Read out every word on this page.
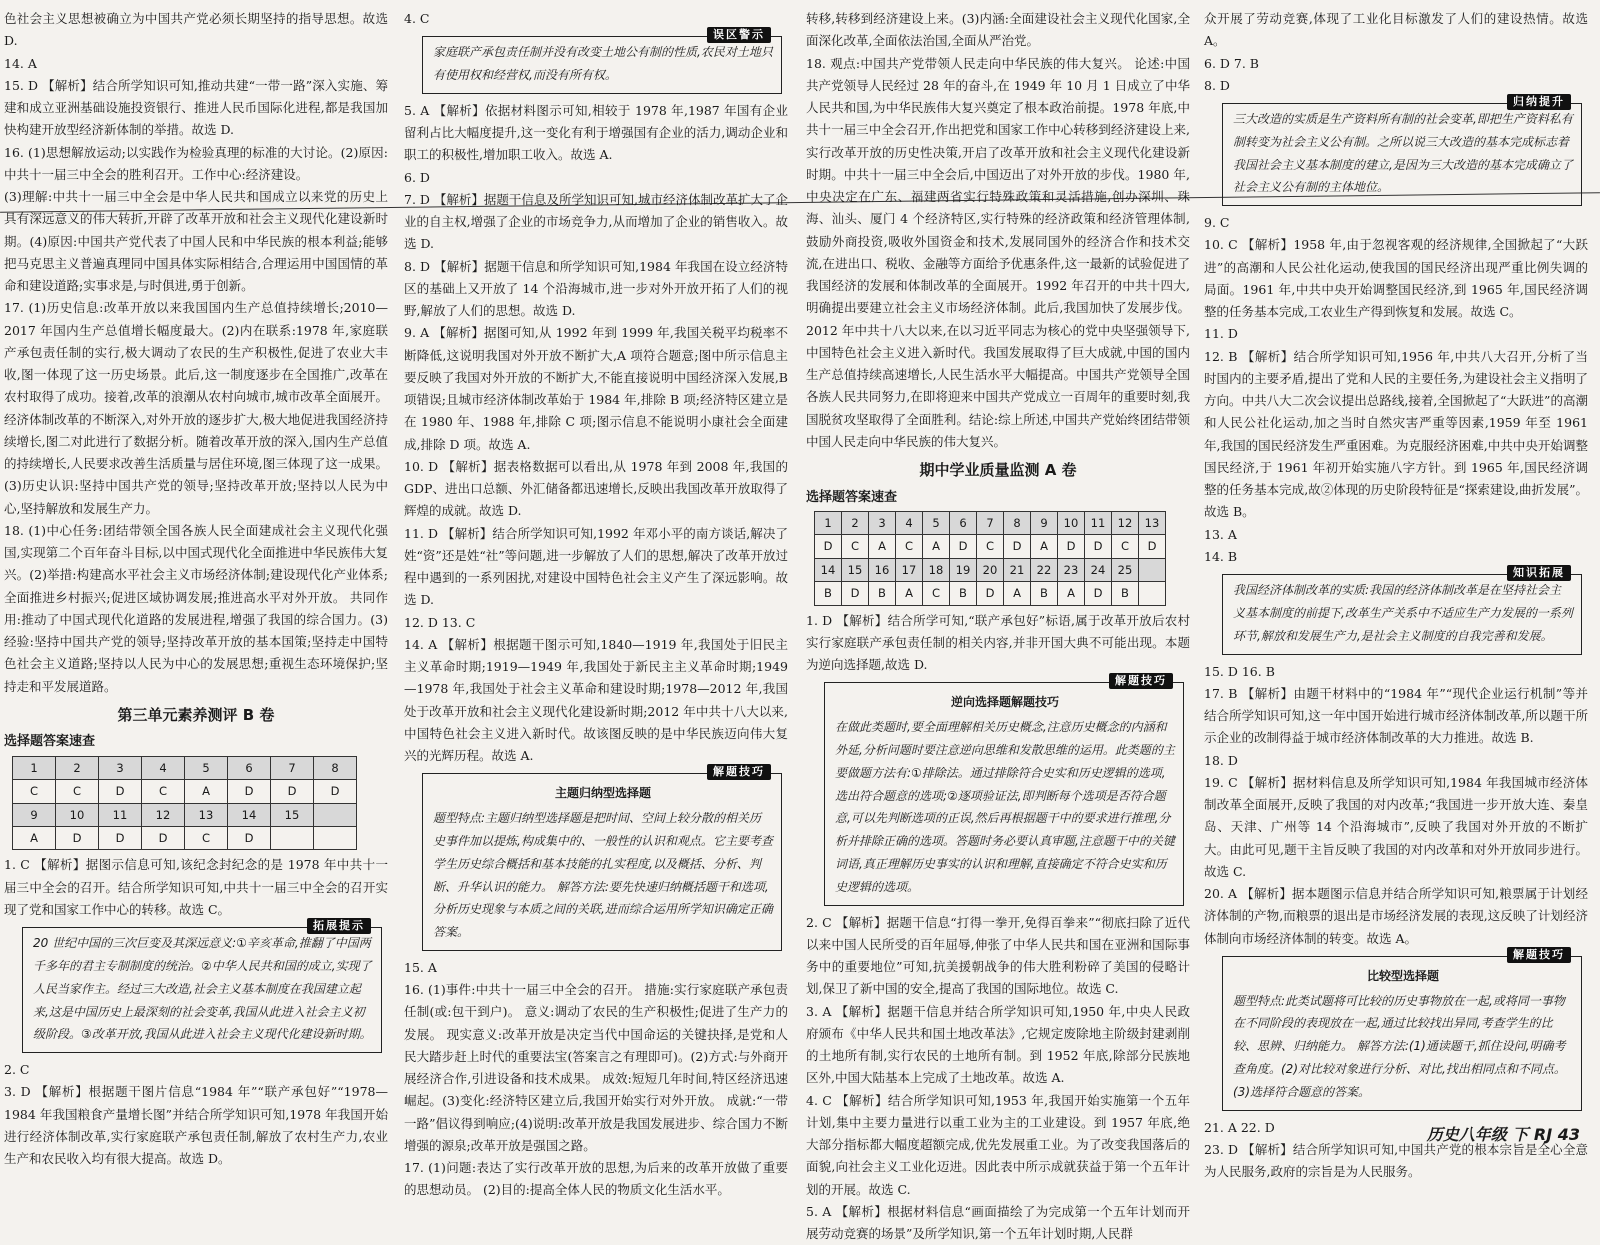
色社会主义思想被确立为中国共产党必须长期坚持的指导思想。故选 D.

14. A

15. D 【解析】结合所学知识可知,推动共建“一带一路”深入实施、筹建和成立亚洲基础设施投资银行、推进人民币国际化进程,都是我国加快构建开放型经济新体制的举措。故选 D.

16. (1)思想解放运动;以实践作为检验真理的标准的大讨论。(2)原因:中共十一届三中全会的胜利召开。工作中心:经济建设。

(3)理解:中共十一届三中全会是中华人民共和国成立以来党的历史上具有深远意义的伟大转折,开辟了改革开放和社会主义现代化建设新时期。(4)原因:中国共产党代表了中国人民和中华民族的根本利益;能够把马克思主义普遍真理同中国具体实际相结合,合理运用中国国情的革命和建设道路;实事求是,与时俱进,勇于创新。

17. (1)历史信息:改革开放以来我国国内生产总值持续增长;2010—2017 年国内生产总值增长幅度最大。(2)内在联系:1978 年,家庭联产承包责任制的实行,极大调动了农民的生产积极性,促进了农业大丰收,图一体现了这一历史场景。此后,这一制度逐步在全国推广,改革在农村取得了成功。接着,改革的浪潮从农村向城市,城市改革全面展开。经济体制改革的不断深入,对外开放的逐步扩大,极大地促进我国经济持续增长,图二对此进行了数据分析。随着改革开放的深入,国内生产总值的持续增长,人民要求改善生活质量与居住环境,图三体现了这一成果。(3)历史认识:坚持中国共产党的领导;坚持改革开放;坚持以人民为中心,坚持解放和发展生产力。

18. (1)中心任务:团结带领全国各族人民全面建成社会主义现代化强国,实现第二个百年奋斗目标,以中国式现代化全面推进中华民族伟大复兴。(2)举措:构建高水平社会主义市场经济体制;建设现代化产业体系;全面推进乡村振兴;促进区域协调发展;推进高水平对外开放。 共同作用:推动了中国式现代化道路的发展进程,增强了我国的综合国力。(3)经验:坚持中国共产党的领导;坚持改革开放的基本国策;坚持走中国特色社会主义道路;坚持以人民为中心的发展思想;重视生态环境保护;坚持走和平发展道路。

第三单元素养测评 B 卷
选择题答案速查
1	2	3	4	5	6	7	8
C	C	D	C	A	D	D	D
9	10	11	12	13	14	15	
A	D	D	D	C	D		

1. C 【解析】据图示信息可知,该纪念封纪念的是 1978 年中共十一届三中全会的召开。结合所学知识可知,中共十一届三中全会的召开实现了党和国家工作中心的转移。故选 C。

拓展提示
20 世纪中国的三次巨变及其深远意义:①辛亥革命,推翻了中国两千多年的君主专制制度的统治。②中华人民共和国的成立,实现了人民当家作主。经过三大改造,社会主义基本制度在我国建立起来,这是中国历史上最深刻的社会变革,我国从此进入社会主义初级阶段。③改革开放,我国从此进入社会主义现代化建设新时期。

2. C

3. D 【解析】根据题干图片信息“1984 年”“联产承包好”“1978—1984 年我国粮食产量增长图”并结合所学知识可知,1978 年我国开始进行经济体制改革,实行家庭联产承包责任制,解放了农村生产力,农业生产和农民收入均有很大提高。故选 D。

4. C

误区警示
家庭联产承包责任制并没有改变土地公有制的性质,农民对土地只有使用权和经营权,而没有所有权。

5. A 【解析】依据材料图示可知,相较于 1978 年,1987 年国有企业留利占比大幅度提升,这一变化有利于增强国有企业的活力,调动企业和职工的积极性,增加职工收入。故选 A.

6. D

7. D 【解析】据题干信息及所学知识可知,城市经济体制改革扩大了企业的自主权,增强了企业的市场竞争力,从而增加了企业的销售收入。故选 D.

8. D 【解析】据题干信息和所学知识可知,1984 年我国在设立经济特区的基础上又开放了 14 个沿海城市,进一步对外开放开拓了人们的视野,解放了人们的思想。故选 D.

9. A 【解析】据图可知,从 1992 年到 1999 年,我国关税平均税率不断降低,这说明我国对外开放不断扩大,A 项符合题意;图中所示信息主要反映了我国对外开放的不断扩大,不能直接说明中国经济深入发展,B 项错误;且城市经济体制改革始于 1984 年,排除 B 项;经济特区建立是在 1980 年、1988 年,排除 C 项;图示信息不能说明小康社会全面建成,排除 D 项。故选 A.

10. D 【解析】据表格数据可以看出,从 1978 年到 2008 年,我国的 GDP、进出口总额、外汇储备都迅速增长,反映出我国改革开放取得了辉煌的成就。故选 D.

11. D 【解析】结合所学知识可知,1992 年邓小平的南方谈话,解决了姓“资”还是姓“社”等问题,进一步解放了人们的思想,解决了改革开放过程中遇到的一系列困扰,对建设中国特色社会主义产生了深远影响。故选 D.

12. D 13. C

14. A 【解析】根据题干图示可知,1840—1919 年,我国处于旧民主主义革命时期;1919—1949 年,我国处于新民主主义革命时期;1949—1978 年,我国处于社会主义革命和建设时期;1978—2012 年,我国处于改革开放和社会主义现代化建设新时期;2012 年中共十八大以来,中国特色社会主义进入新时代。故该图反映的是中华民族迈向伟大复兴的光辉历程。故选 A.

解题技巧
主题归纳型选择题
题型特点:主题归纳型选择题是把时间、空间上较分散的相关历史事件加以提炼,构成集中的、一般性的认识和观点。它主要考查学生历史综合概括和基本技能的扎实程度,以及概括、分析、判断、升华认识的能力。 解答方法:要先快速归纳概括题干和选项,分析历史现象与本质之间的关联,进而综合运用所学知识确定正确答案。

15. A

16. (1)事件:中共十一届三中全会的召开。 措施:实行家庭联产承包责任制(或:包干到户)。 意义:调动了农民的生产积极性;促进了生产力的发展。 现实意义:改革开放是决定当代中国命运的关键抉择,是党和人民大踏步赶上时代的重要法宝(答案言之有理即可)。(2)方式:与外商开展经济合作,引进设备和技术成果。 成效:短短几年时间,特区经济迅速崛起。(3)变化:经济特区建立后,我国开始实行对外开放。 成就:“一带一路”倡议得到响应;(4)说明:改革开放是我国发展进步、综合国力不断增强的源泉;改革开放是强国之路。

17. (1)问题:表达了实行改革开放的思想,为后来的改革开放做了重要的思想动员。 (2)目的:提高全体人民的物质文化生活水平。

转移,转移到经济建设上来。(3)内涵:全面建设社会主义现代化国家,全面深化改革,全面依法治国,全面从严治党。

18. 观点:中国共产党带领人民走向中华民族的伟大复兴。 论述:中国共产党领导人民经过 28 年的奋斗,在 1949 年 10 月 1 日成立了中华人民共和国,为中华民族伟大复兴奠定了根本政治前提。1978 年底,中共十一届三中全会召开,作出把党和国家工作中心转移到经济建设上来,实行改革开放的历史性决策,开启了改革开放和社会主义现代化建设新时期。中共十一届三中全会后,中国迈出了对外开放的步伐。1980 年,中央决定在广东、福建两省实行特殊政策和灵活措施,创办深圳、珠海、汕头、厦门 4 个经济特区,实行特殊的经济政策和经济管理体制,鼓励外商投资,吸收外国资金和技术,发展同国外的经济合作和技术交流,在进出口、税收、金融等方面给予优惠条件,这一最新的试验促进了我国经济的发展和体制改革的全面展开。1992 年召开的中共十四大,明确提出要建立社会主义市场经济体制。此后,我国加快了发展步伐。2012 年中共十八大以来,在以习近平同志为核心的党中央坚强领导下,中国特色社会主义进入新时代。我国发展取得了巨大成就,中国的国内生产总值持续高速增长,人民生活水平大幅提高。中国共产党领导全国各族人民共同努力,在即将迎来中国共产党成立一百周年的重要时刻,我国脱贫攻坚取得了全面胜利。结论:综上所述,中国共产党始终团结带领中国人民走向中华民族的伟大复兴。

期中学业质量监测 A 卷
选择题答案速查
1	2	3	4	5	6	7	8	9	10	11	12	13
D	C	A	C	A	D	C	D	A	D	D	C	D
14	15	16	17	18	19	20	21	22	23	24	25	
B	D	B	A	C	B	D	A	B	A	D	B	

1. D 【解析】结合所学可知,“联产承包好”标语,属于改革开放后农村实行家庭联产承包责任制的相关内容,并非开国大典不可能出现。本题为逆向选择题,故选 D.

解题技巧
逆向选择题解题技巧
在做此类题时,要全面理解相关历史概念,注意历史概念的内涵和外延,分析问题时要注意逆向思维和发散思维的运用。此类题的主要做题方法有:①排除法。通过排除符合史实和历史逻辑的选项,选出符合题意的选项;②逐项验证法,即判断每个选项是否符合题意,可以先判断选项的正误,然后再根据题干中的要求进行推理,分析并排除正确的选项。答题时务必要认真审题,注意题干中的关键词语,真正理解历史事实的认识和理解,直接确定不符合史实和历史逻辑的选项。

2. C 【解析】据题干信息“打得一拳开,免得百拳来”“彻底扫除了近代以来中国人民所受的百年屈辱,伸张了中华人民共和国在亚洲和国际事务中的重要地位”可知,抗美援朝战争的伟大胜利粉碎了美国的侵略计划,保卫了新中国的安全,提高了我国的国际地位。故选 C.

3. A 【解析】据题干信息并结合所学知识可知,1950 年,中央人民政府颁布《中华人民共和国土地改革法》,它规定废除地主阶级封建剥削的土地所有制,实行农民的土地所有制。到 1952 年底,除部分民族地区外,中国大陆基本上完成了土地改革。故选 A.

4. C 【解析】结合所学知识可知,1953 年,我国开始实施第一个五年计划,集中主要力量进行以重工业为主的工业建设。到 1957 年底,绝大部分指标都大幅度超额完成,优先发展重工业。为了改变我国落后的面貌,向社会主义工业化迈进。因此表中所示成就获益于第一个五年计划的开展。故选 C.

5. A 【解析】根据材料信息“画面描绘了为完成第一个五年计划而开展劳动竞赛的场景”及所学知识,第一个五年计划时期,人民群

众开展了劳动竞赛,体现了工业化目标激发了人们的建设热情。故选 A。

6. D 7. B

8. D

归纳提升
三大改造的实质是生产资料所有制的社会变革,即把生产资料私有制转变为社会主义公有制。之所以说三大改造的基本完成标志着我国社会主义基本制度的建立,是因为三大改造的基本完成确立了社会主义公有制的主体地位。

9. C

10. C 【解析】1958 年,由于忽视客观的经济规律,全国掀起了“大跃进”的高潮和人民公社化运动,使我国的国民经济出现严重比例失调的局面。1961 年,中共中央开始调整国民经济,到 1965 年,国民经济调整的任务基本完成,工农业生产得到恢复和发展。故选 C。

11. D

12. B 【解析】结合所学知识可知,1956 年,中共八大召开,分析了当时国内的主要矛盾,提出了党和人民的主要任务,为建设社会主义指明了方向。中共八大二次会议提出总路线,接着,全国掀起了“大跃进”的高潮和人民公社化运动,加之当时自然灾害严重等因素,1959 年至 1961 年,我国的国民经济发生严重困难。为克服经济困难,中共中央开始调整国民经济,于 1961 年初开始实施八字方针。到 1965 年,国民经济调整的任务基本完成,故②体现的历史阶段特征是“探索建设,曲折发展”。故选 B。

13. A

14. B

知识拓展
我国经济体制改革的实质:我国的经济体制改革是在坚持社会主义基本制度的前提下,改革生产关系中不适应生产力发展的一系列环节,解放和发展生产力,是社会主义制度的自我完善和发展。

15. D 16. B

17. B 【解析】由题干材料中的“1984 年”“现代企业运行机制”等并结合所学知识可知,这一年中国开始进行城市经济体制改革,所以题干所示企业的改制得益于城市经济体制改革的大力推进。故选 B.

18. D

19. C 【解析】据材料信息及所学知识可知,1984 年我国城市经济体制改革全面展开,反映了我国的对内改革;“我国进一步开放大连、秦皇岛、天津、广州等 14 个沿海城市”,反映了我国对外开放的不断扩大。由此可见,题干主旨反映了我国的对内改革和对外开放同步进行。故选 C.

20. A 【解析】据本题图示信息并结合所学知识可知,粮票属于计划经济体制的产物,而粮票的退出是市场经济发展的表现,这反映了计划经济体制向市场经济体制的转变。故选 A。

解题技巧
比较型选择题
题型特点:此类试题将可比较的历史事物放在一起,或将同一事物在不同阶段的表现放在一起,通过比较找出异同,考查学生的比较、思辨、归纳能力。 解答方法:(1)通读题干,抓住设问,明确考查角度。(2)对比较对象进行分析、对比,找出相同点和不同点。(3)选择符合题意的答案。

21. A 22. D

23. D 【解析】结合所学知识可知,中国共产党的根本宗旨是全心全意为人民服务,政府的宗旨是为人民服务。

历史八年级 下 RJ 43
